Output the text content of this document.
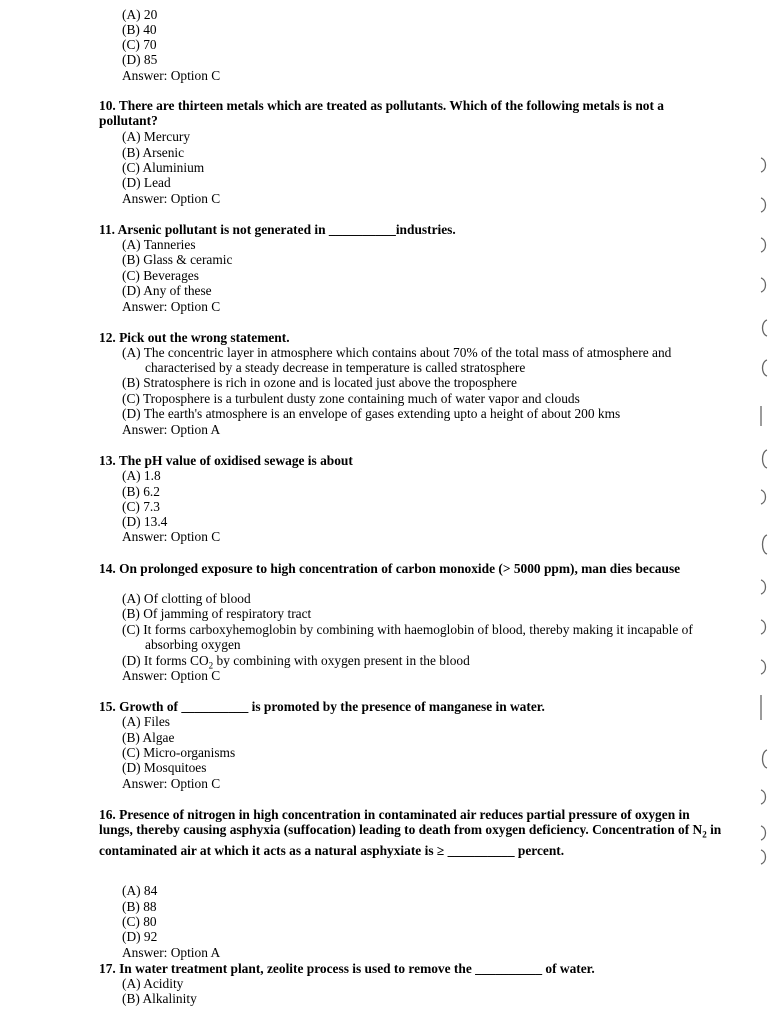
(A) 20
(B) 40
(C) 70
(D) 85
Answer: Option C
10. There are thirteen metals which are treated as pollutants. Which of the following metals is not a pollutant?
(A) Mercury
(B) Arsenic
(C) Aluminium
(D) Lead
Answer: Option C
11. Arsenic pollutant is not generated in __________industries.
(A) Tanneries
(B) Glass & ceramic
(C) Beverages
(D) Any of these
Answer: Option C
12. Pick out the wrong statement.
(A) The concentric layer in atmosphere which contains about 70% of the total mass of atmosphere and characterised by a steady decrease in temperature is called stratosphere
(B) Stratosphere is rich in ozone and is located just above the troposphere
(C) Troposphere is a turbulent dusty zone containing much of water vapor and clouds
(D) The earth's atmosphere is an envelope of gases extending upto a height of about 200 kms
Answer: Option A
13. The pH value of oxidised sewage is about
(A) 1.8
(B) 6.2
(C) 7.3
(D) 13.4
Answer: Option C
14. On prolonged exposure to high concentration of carbon monoxide (> 5000 ppm), man dies because
(A) Of clotting of blood
(B) Of jamming of respiratory tract
(C) It forms carboxyhemoglobin by combining with haemoglobin of blood, thereby making it incapable of absorbing oxygen
(D) It forms $CO_2$ by combining with oxygen present in the blood
Answer: Option C
15. Growth of __________ is promoted by the presence of manganese in water.
(A) Files
(B) Algae
(C) Micro-organisms
(D) Mosquitoes
Answer: Option C
16. Presence of nitrogen in high concentration in contaminated air reduces partial pressure of oxygen in lungs, thereby causing asphyxia (suffocation) leading to death from oxygen deficiency. Concentration of $N_2$ in contaminated air at which it acts as a natural asphyxiate is ≥ __________ percent.
(A) 84
(B) 88
(C) 80
(D) 92
Answer: Option A
17. In water treatment plant, zeolite process is used to remove the __________ of water.
(A) Acidity
(B) Alkalinity
